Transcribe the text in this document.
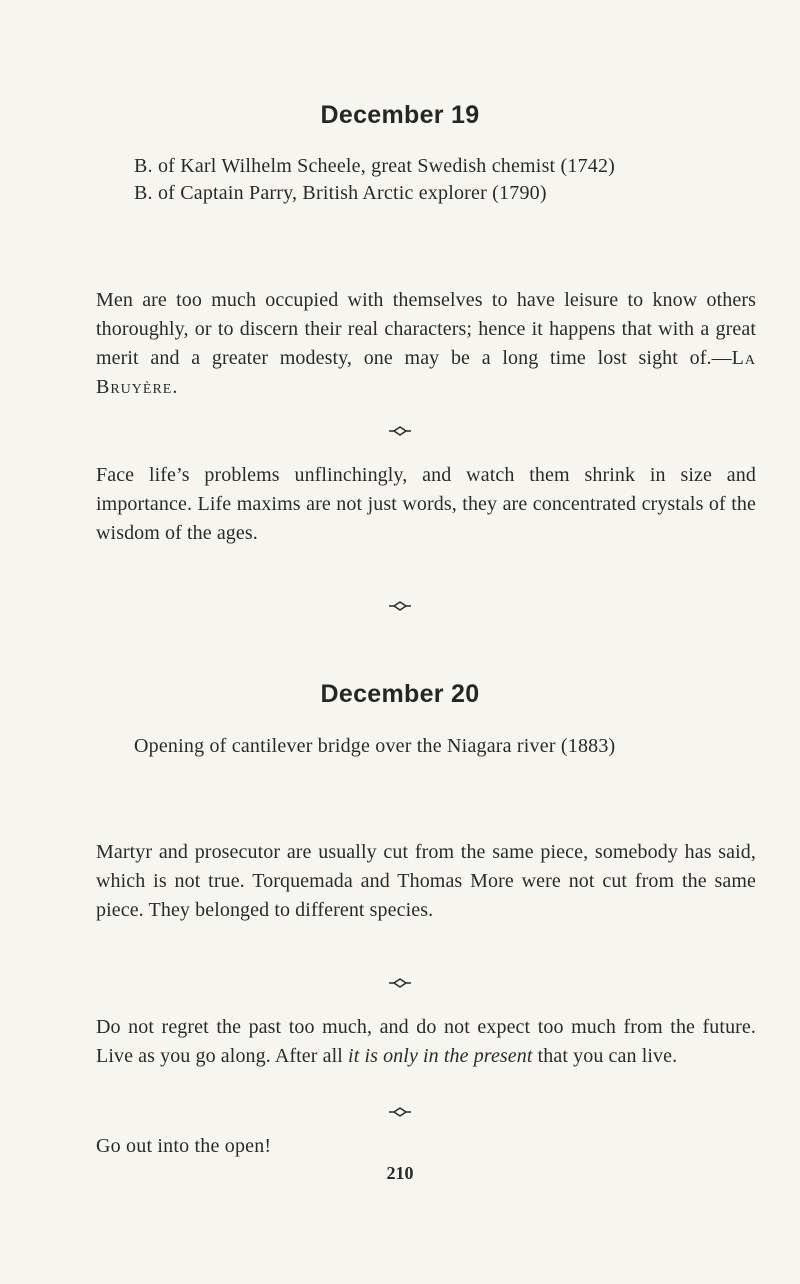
December 19
B. of Karl Wilhelm Scheele, great Swedish chemist (1742)
B. of Captain Parry, British Arctic explorer (1790)
Men are too much occupied with themselves to have leisure to know others thoroughly, or to discern their real characters; hence it happens that with a great merit and a greater modesty, one may be a long time lost sight of.—La Bruyère.
Face life’s problems unflinchingly, and watch them shrink in size and importance. Life maxims are not just words, they are concentrated crystals of the wisdom of the ages.
December 20
Opening of cantilever bridge over the Niagara river (1883)
Martyr and prosecutor are usually cut from the same piece, somebody has said, which is not true. Torquemada and Thomas More were not cut from the same piece. They belonged to different species.
Do not regret the past too much, and do not expect too much from the future. Live as you go along. After all it is only in the present that you can live.
Go out into the open!
210
